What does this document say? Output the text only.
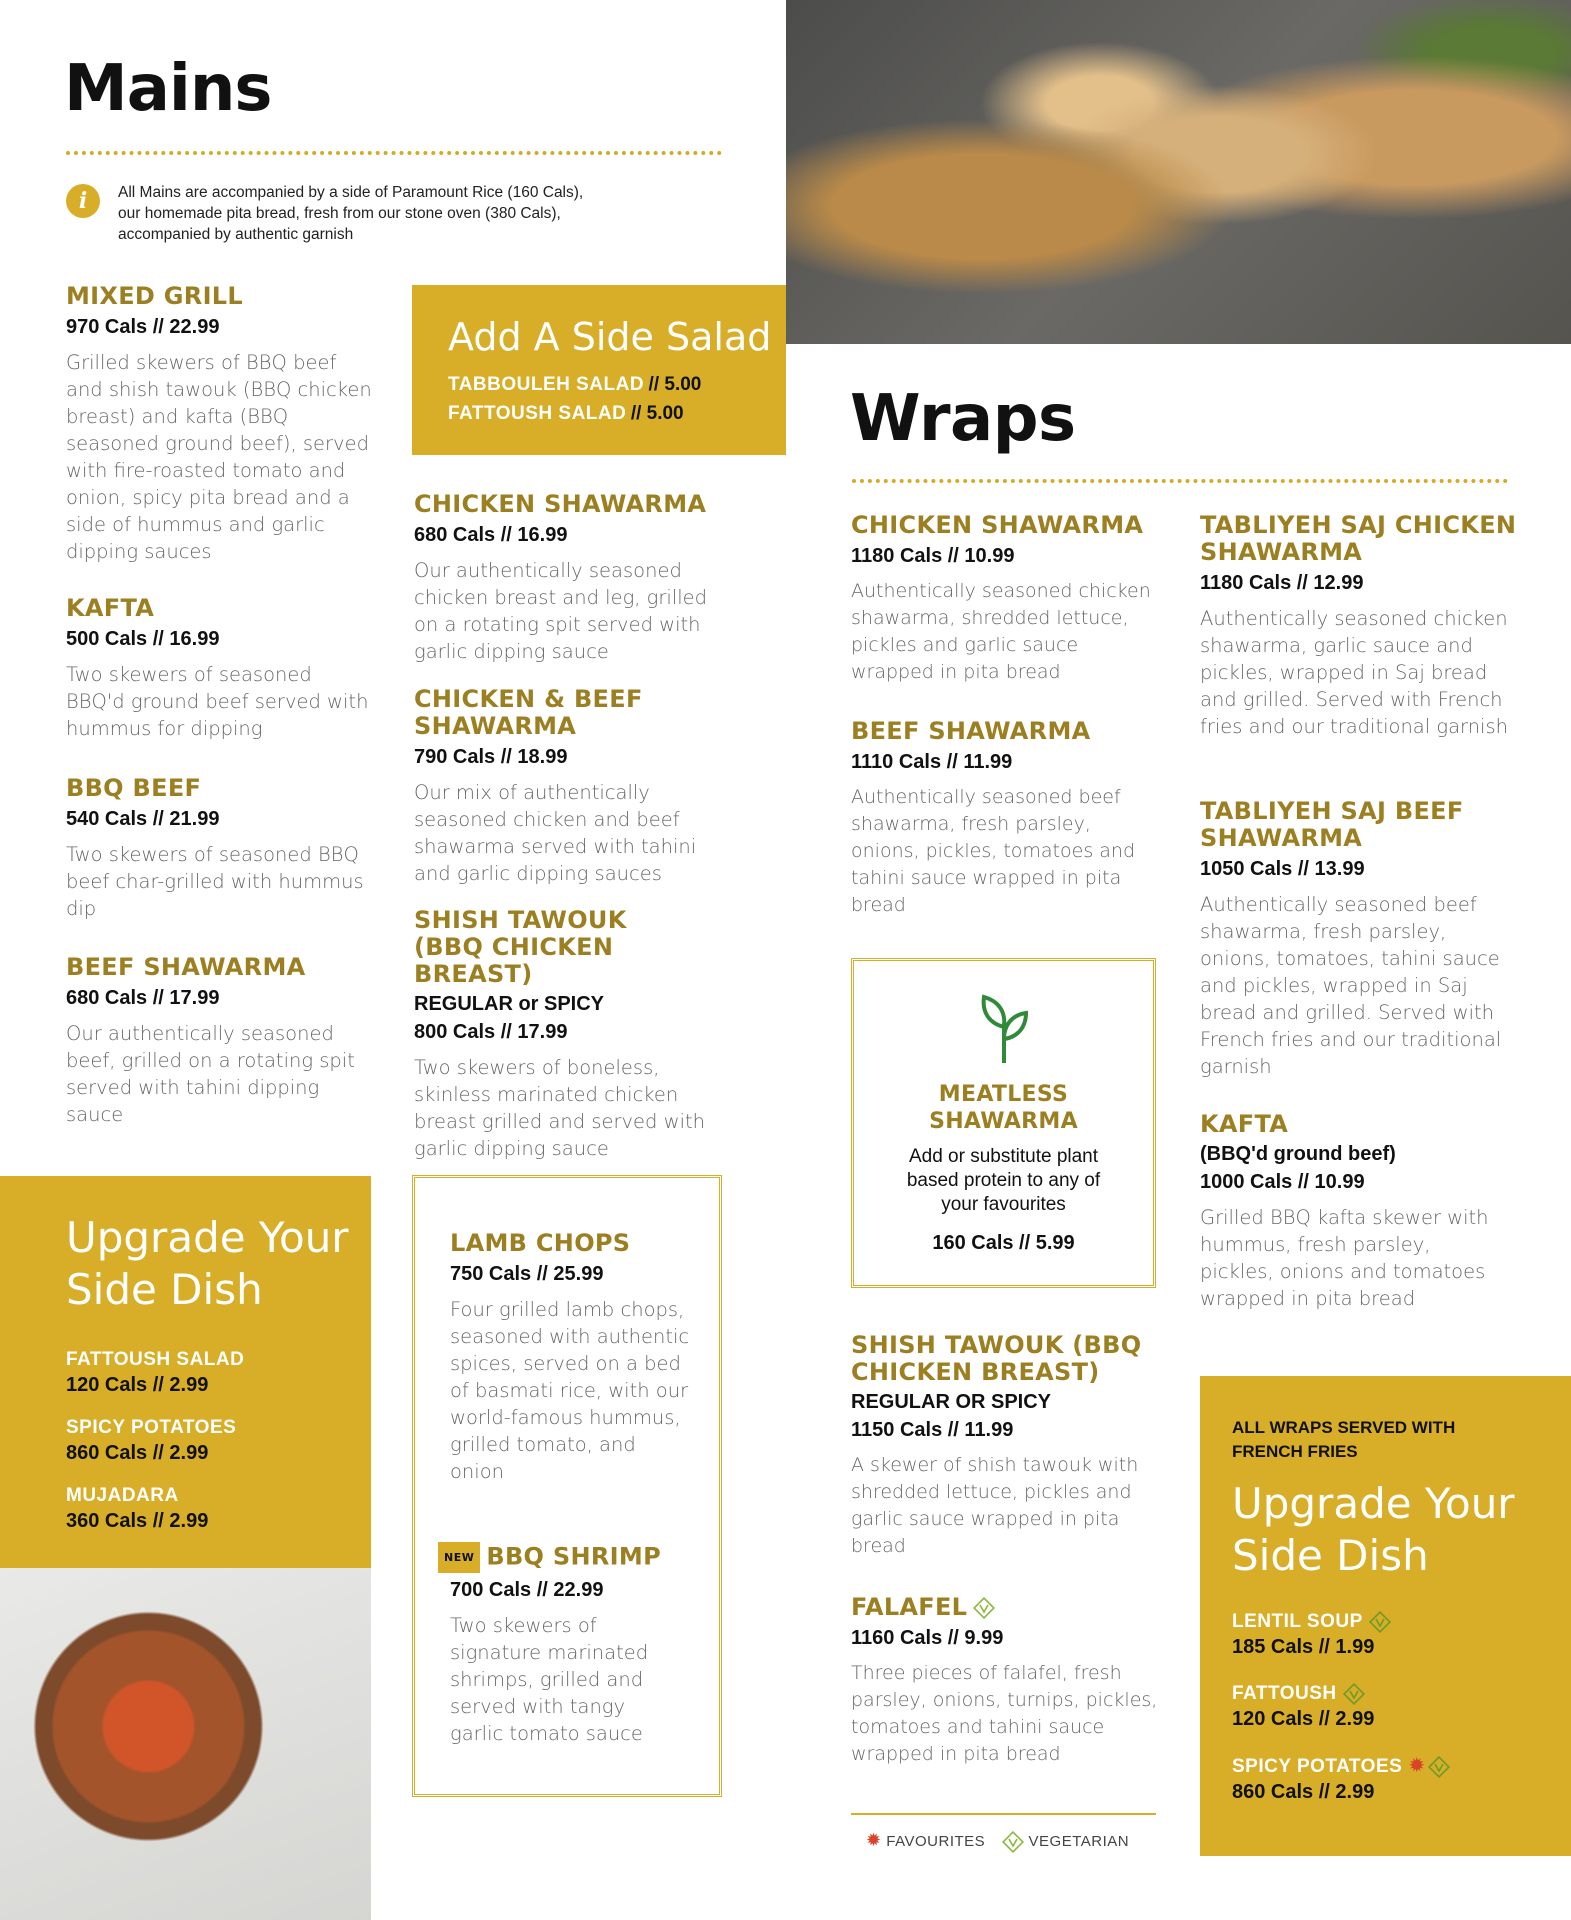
Mains
i	All Mains are accompanied by a side of Paramount Rice (160 Cals),
our homemade pita bread, fresh from our stone oven (380 Cals),
accompanied by authentic garnish
MIXED GRILL
970 Cals // 22.99
Grilled skewers of BBQ beef and shish tawouk (BBQ chicken breast) and kafta (BBQ seasoned ground beef), served with fire-roasted tomato and onion, spicy pita bread and a side of hummus and garlic dipping sauces
KAFTA
500 Cals // 16.99
Two skewers of seasoned BBQ'd ground beef served with hummus for dipping
BBQ BEEF
540 Cals // 21.99
Two skewers of seasoned BBQ beef char-grilled with hummus dip
BEEF SHAWARMA
680 Cals // 17.99
Our authentically seasoned beef, grilled on a rotating spit served with tahini dipping sauce
Add A Side Salad
TABBOULEH SALAD // 5.00
FATTOUSH SALAD // 5.00
CHICKEN SHAWARMA
680 Cals // 16.99
Our authentically seasoned chicken breast and leg, grilled on a rotating spit served with garlic dipping sauce
CHICKEN & BEEF SHAWARMA
790 Cals // 18.99
Our mix of authentically seasoned chicken and beef shawarma served with tahini and garlic dipping sauces
SHISH TAWOUK (BBQ CHICKEN BREAST)
REGULAR or SPICY
800 Cals // 17.99
Two skewers of boneless, skinless marinated chicken breast grilled and served with garlic dipping sauce
Upgrade Your
Side Dish
FATTOUSH SALAD
120 Cals // 2.99
SPICY POTATOES
860 Cals // 2.99
MUJADARA
360 Cals // 2.99
LAMB CHOPS
750 Cals // 25.99
Four grilled lamb chops, seasoned with authentic spices, served on a bed of basmati rice, with our world-famous hummus, grilled tomato, and onion
NEW BBQ SHRIMP
700 Cals // 22.99
Two skewers of signature marinated shrimps, grilled and served with tangy garlic tomato sauce
Wraps
CHICKEN SHAWARMA
1180 Cals // 10.99
Authentically seasoned chicken shawarma, shredded lettuce, pickles and garlic sauce wrapped in pita bread
BEEF SHAWARMA
1110 Cals // 11.99
Authentically seasoned beef shawarma, fresh parsley, onions, pickles, tomatoes and tahini sauce wrapped in pita bread
MEATLESS SHAWARMA
Add or substitute plant based protein to any of your favourites
160 Cals // 5.99
SHISH TAWOUK (BBQ CHICKEN BREAST)
REGULAR OR SPICY
1150 Cals // 11.99
A skewer of shish tawouk with shredded lettuce, pickles and garlic sauce wrapped in pita bread
FALAFEL
1160 Cals // 9.99
Three pieces of falafel, fresh parsley, onions, turnips, pickles, tomatoes and tahini sauce wrapped in pita bread
✹ FAVOURITES	VEGETARIAN
TABLIYEH SAJ CHICKEN SHAWARMA
1180 Cals // 12.99
Authentically seasoned chicken shawarma, garlic sauce and pickles, wrapped in Saj bread and grilled. Served with French fries and our traditional garnish
TABLIYEH SAJ BEEF SHAWARMA
1050 Cals // 13.99
Authentically seasoned beef shawarma, fresh parsley, onions, tomatoes, tahini sauce and pickles, wrapped in Saj bread and grilled. Served with French fries and our traditional garnish
KAFTA
(BBQ'd ground beef)
1000 Cals // 10.99
Grilled BBQ kafta skewer with hummus, fresh parsley, pickles, onions and tomatoes wrapped in pita bread
ALL WRAPS SERVED WITH FRENCH FRIES
Upgrade Your
Side Dish
LENTIL SOUP
185 Cals // 1.99
FATTOUSH
120 Cals // 2.99
SPICY POTATOES ✹
860 Cals // 2.99
